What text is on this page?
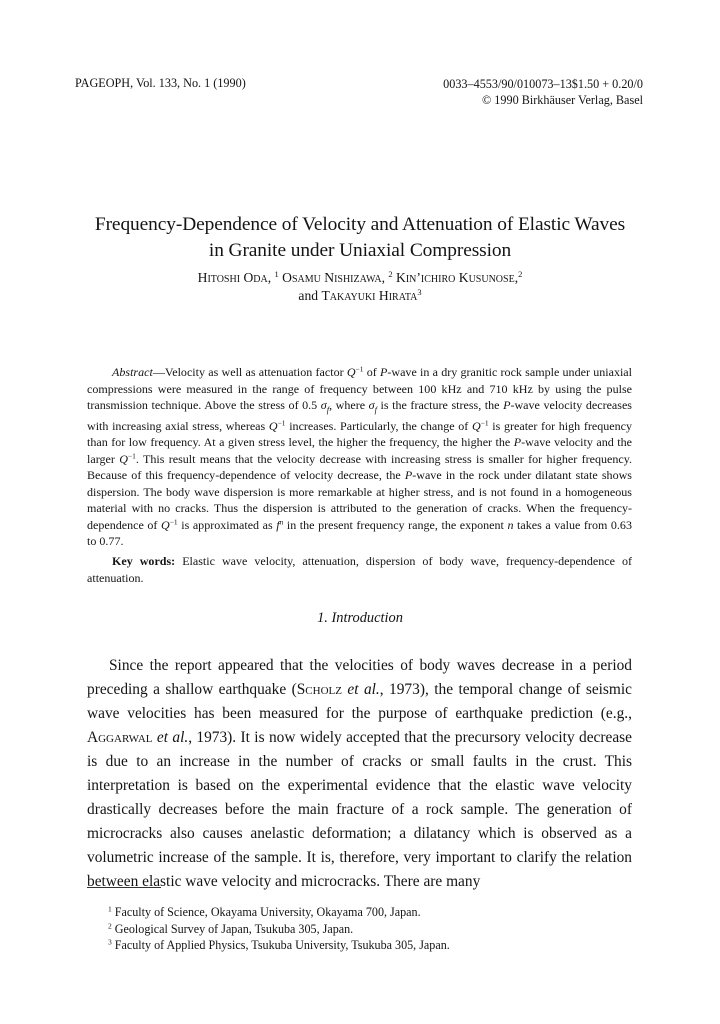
PAGEOPH, Vol. 133, No. 1 (1990)	0033–4553/90/010073–13$1.50 + 0.20/0
© 1990 Birkhäuser Verlag, Basel
Frequency-Dependence of Velocity and Attenuation of Elastic Waves
in Granite under Uniaxial Compression
Hitoshi Oda, $^1$ Osamu Nishizawa, $^2$ Kin’ichiro Kusunose,$^2$
and Takayuki Hirata$^3$

Abstract—Velocity as well as attenuation factor $Q^{-1}$ of P-wave in a dry granitic rock sample under uniaxial compressions were measured in the range of frequency between 100 kHz and 710 kHz by using the pulse transmission technique. Above the stress of 0.5 $\sigma_f$, where $\sigma_f$ is the fracture stress, the P-wave velocity decreases with increasing axial stress, whereas $Q^{-1}$ increases. Particularly, the change of $Q^{-1}$ is greater for high frequency than for low frequency. At a given stress level, the higher the frequency, the higher the P-wave velocity and the larger $Q^{-1}$. This result means that the velocity decrease with increasing stress is smaller for higher frequency. Because of this frequency-dependence of velocity decrease, the P-wave in the rock under dilatant state shows dispersion. The body wave dispersion is more remarkable at higher stress, and is not found in a homogeneous material with no cracks. Thus the dispersion is attributed to the generation of cracks. When the frequency-dependence of $Q^{-1}$ is approximated as $f^n$ in the present frequency range, the exponent n takes a value from 0.63 to 0.77.

Key words: Elastic wave velocity, attenuation, dispersion of body wave, frequency-dependence of attenuation.

1. Introduction

Since the report appeared that the velocities of body waves decrease in a period preceding a shallow earthquake (Scholz et al., 1973), the temporal change of seismic wave velocities has been measured for the purpose of earthquake prediction (e.g., Aggarwal et al., 1973). It is now widely accepted that the precursory velocity decrease is due to an increase in the number of cracks or small faults in the crust. This interpretation is based on the experimental evidence that the elastic wave velocity drastically decreases before the main fracture of a rock sample. The generation of microcracks also causes anelastic deformation; a dilatancy which is observed as a volumetric increase of the sample. It is, therefore, very important to clarify the relation between elastic wave velocity and microcracks. There are many

$^1$ Faculty of Science, Okayama University, Okayama 700, Japan.
$^2$ Geological Survey of Japan, Tsukuba 305, Japan.
$^3$ Faculty of Applied Physics, Tsukuba University, Tsukuba 305, Japan.
